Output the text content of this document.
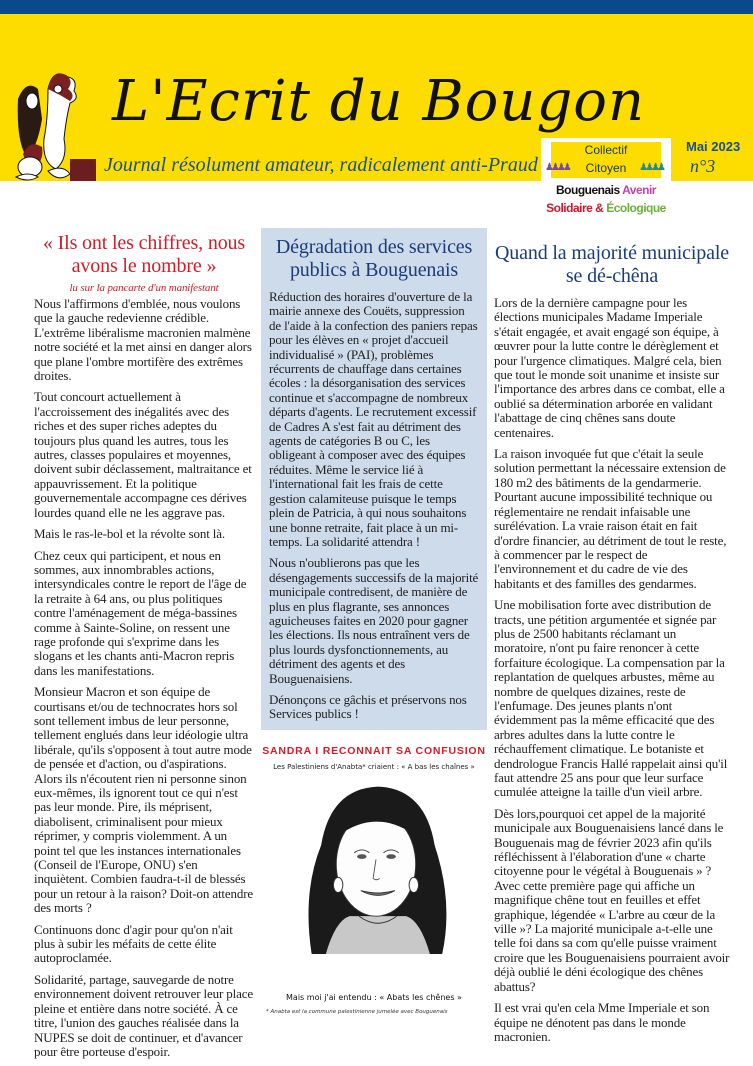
L'Ecrit du Bougon
Journal résolument amateur, radicalement anti-Praud
Mai 2023
n°3
Collectif
♟♟♟♟	Citoyen	♟♟♟♟
Bouguenais Avenir
Solidaire & Écologique
« Ils ont les chiffres, nous avons le nombre »
lu sur la pancarte d'un manifestant

Nous l'affirmons d'emblée, nous voulons que la gauche redevienne crédible. L'extrême libéralisme macronien malmène notre société et la met ainsi en danger alors que plane l'ombre mortifère des extrêmes droites.

Tout concourt actuellement à l'accroissement des inégalités avec des riches et des super riches adeptes du toujours plus quand les autres, tous les autres, classes populaires et moyennes, doivent subir déclassement, maltraitance et appauvrissement. Et la politique gouvernementale accompagne ces dérives lourdes quand elle ne les aggrave pas.

Mais le ras-le-bol et la révolte sont là.

Chez ceux qui participent, et nous en sommes, aux innombrables actions, intersyndicales contre le report de l'âge de la retraite à 64 ans, ou plus politiques contre l'aménagement de méga-bassines comme à Sainte-Soline, on ressent une rage profonde qui s'exprime dans les slogans et les chants anti-Macron repris dans les manifestations.

Monsieur Macron et son équipe de courtisans et/ou de technocrates hors sol sont tellement imbus de leur personne, tellement englués dans leur idéologie ultra libérale, qu'ils s'opposent à tout autre mode de pensée et d'action, ou d'aspirations. Alors ils n'écoutent rien ni personne sinon eux-mêmes, ils ignorent tout ce qui n'est pas leur monde. Pire, ils méprisent, diabolisent, criminalisent pour mieux réprimer, y compris violemment. A un point tel que les instances internationales (Conseil de l'Europe, ONU) s'en inquiètent. Combien faudra-t-il de blessés pour un retour à la raison? Doit-on attendre des morts ?

Continuons donc d'agir pour qu'on n'ait plus à subir les méfaits de cette élite autoproclamée.

Solidarité, partage, sauvegarde de notre environnement doivent retrouver leur place pleine et entière dans notre société. À ce titre, l'union des gauches réalisée dans la NUPES se doit de continuer, et d'avancer pour être porteuse d'espoir.

Dégradation des services publics à Bouguenais

Réduction des horaires d'ouverture de la mairie annexe des Couëts, suppression de l'aide à la confection des paniers repas pour les élèves en « projet d'accueil individualisé » (PAI), problèmes récurrents de chauffage dans certaines écoles : la désorganisation des services continue et s'accompagne de nombreux départs d'agents. Le recrutement excessif de Cadres A s'est fait au détriment des agents de catégories B ou C, les obligeant à composer avec des équipes réduites. Même le service lié à l'international fait les frais de cette gestion calamiteuse puisque le temps plein de Patricia, à qui nous souhaitons une bonne retraite, fait place à un mi-temps. La solidarité attendra !

Nous n'oublierons pas que les désengagements successifs de la majorité municipale contredisent, de manière de plus en plus flagrante, ses annonces aguicheuses faites en 2020 pour gagner les élections. Ils nous entraînent vers de plus lourds dysfonctionnements, au détriment des agents et des Bouguenaisiens.

Dénonçons ce gâchis et préservons nos Services publics !

SANDRA I RECONNAIT SA CONFUSION
Les Palestiniens d'Anabta* criaient : « A bas les chaînes »
Mais moi j'ai entendu : « Abats les chênes »
* Anabta est la commune palestinienne jumelée avec Bouguenais
Quand la majorité municipale se dé-chêna

Lors de la dernière campagne pour les élections municipales Madame Imperiale s'était engagée, et avait engagé son équipe, à œuvrer pour la lutte contre le dérèglement et pour l'urgence climatiques. Malgré cela, bien que tout le monde soit unanime et insiste sur l'importance des arbres dans ce combat, elle a oublié sa détermination arborée en validant l'abattage de cinq chênes sans doute centenaires.

La raison invoquée fut que c'était la seule solution permettant la nécessaire extension de 180 m2 des bâtiments de la gendarmerie. Pourtant aucune impossibilité technique ou réglementaire ne rendait infaisable une surélévation. La vraie raison était en fait d'ordre financier, au détriment de tout le reste, à commencer par le respect de l'environnement et du cadre de vie des habitants et des familles des gendarmes.

Une mobilisation forte avec distribution de tracts, une pétition argumentée et signée par plus de 2500 habitants réclamant un moratoire, n'ont pu faire renoncer à cette forfaiture écologique. La compensation par la replantation de quelques arbustes, même au nombre de quelques dizaines, reste de l'enfumage. Des jeunes plants n'ont évidemment pas la même efficacité que des arbres adultes dans la lutte contre le réchauffement climatique. Le botaniste et dendrologue Francis Hallé rappelait ainsi qu'il faut attendre 25 ans pour que leur surface cumulée atteigne la taille d'un vieil arbre.

Dès lors,pourquoi cet appel de la majorité municipale aux Bouguenaisiens lancé dans le Bouguenais mag de février 2023 afin qu'ils réfléchissent à l'élaboration d'une « charte citoyenne pour le végétal à Bouguenais » ? Avec cette première page qui affiche un magnifique chêne tout en feuilles et effet graphique, légendée « L'arbre au cœur de la ville »? La majorité municipale a-t-elle une telle foi dans sa com qu'elle puisse vraiment croire que les Bouguenaisiens pourraient avoir déjà oublié le déni écologique des chênes abattus?

Il est vrai qu'en cela Mme Imperiale et son équipe ne dénotent pas dans le monde macronien.
